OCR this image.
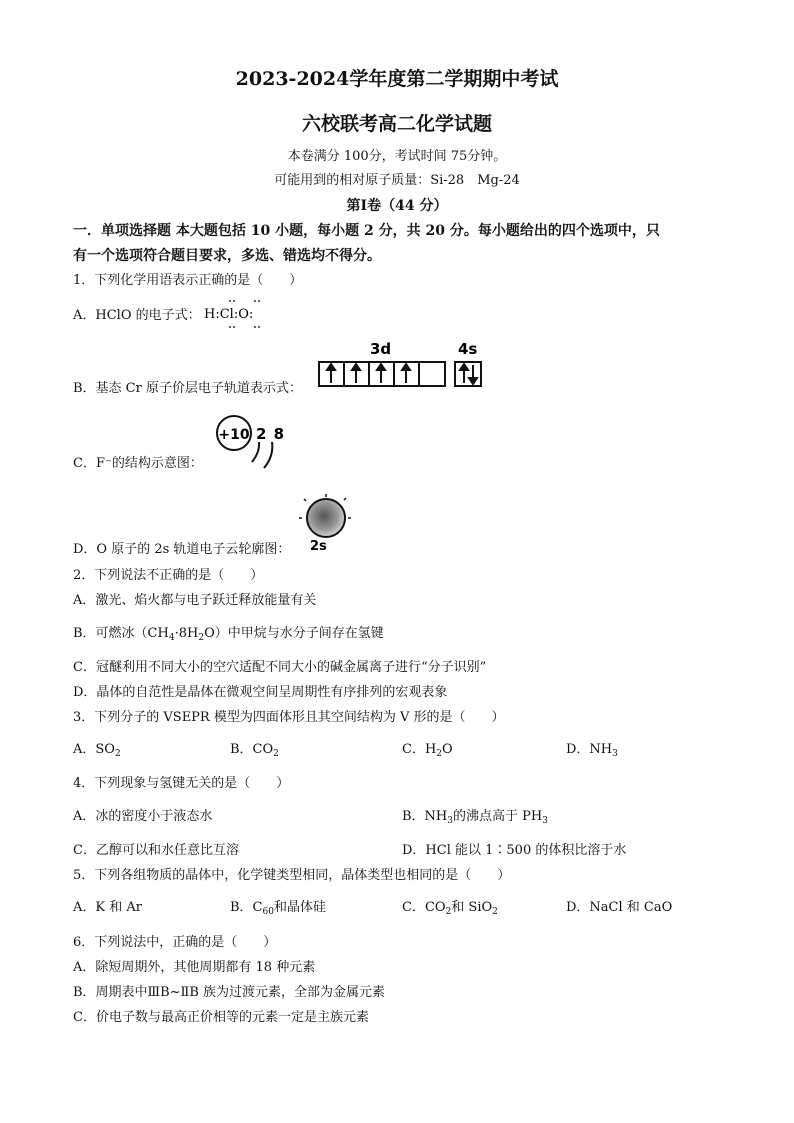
2023-2024学年度第二学期期中考试
六校联考高二化学试题
本卷满分 100分，考试时间 75分钟。
可能用到的相对原子质量：Si-28　Mg-24
第Ⅰ卷（44 分）
一．单项选择题 本大题包括 10 小题，每小题 2 分，共 20 分。每小题给出的四个选项中，只
有一个选项符合题目要求，多选、错选均不得分。
1．下列化学用语表示正确的是（　　）
A．HClO 的电子式： H:Cl:O:
B．基态 Cr 原子价层电子轨道表示式：
3d	4s
C．F⁻的结构示意图：
+10 2 8
D．O 原子的 2s 轨道电子云轮廓图： 2s
2．下列说法不正确的是（　　）
A．激光、焰火都与电子跃迁释放能量有关
B．可燃冰$(CH_4\cdot 8H_2O)$中甲烷与水分子间存在氢键
C．冠醚利用不同大小的空穴适配不同大小的碱金属离子进行“分子识别”
D．晶体的自范性是晶体在微观空间呈周期性有序排列的宏观表象
3．下列分子的 VSEPR 模型为四面体形且其空间结构为 V 形的是（　　）
A．$SO_2$	B．$CO_2$	C．$H_2O$	D．$NH_3$
4．下列现象与氢键无关的是（　　）
A．冰的密度小于液态水	B．$NH_3$的沸点高于 $PH_3$
C．乙醇可以和水任意比互溶	D．HCl 能以 1∶500 的体积比溶于水
5．下列各组物质的晶体中，化学键类型相同，晶体类型也相同的是（　　）
A．K 和 Ar	B．$C_{60}$和晶体硅	C．$CO_2$和 SiO$_2$	D．NaCl 和 CaO
6．下列说法中，正确的是（　　）
A．除短周期外，其他周期都有 18 种元素
B．周期表中ⅢB~ⅡB 族为过渡元素，全部为金属元素
C．价电子数与最高正价相等的元素一定是主族元素
